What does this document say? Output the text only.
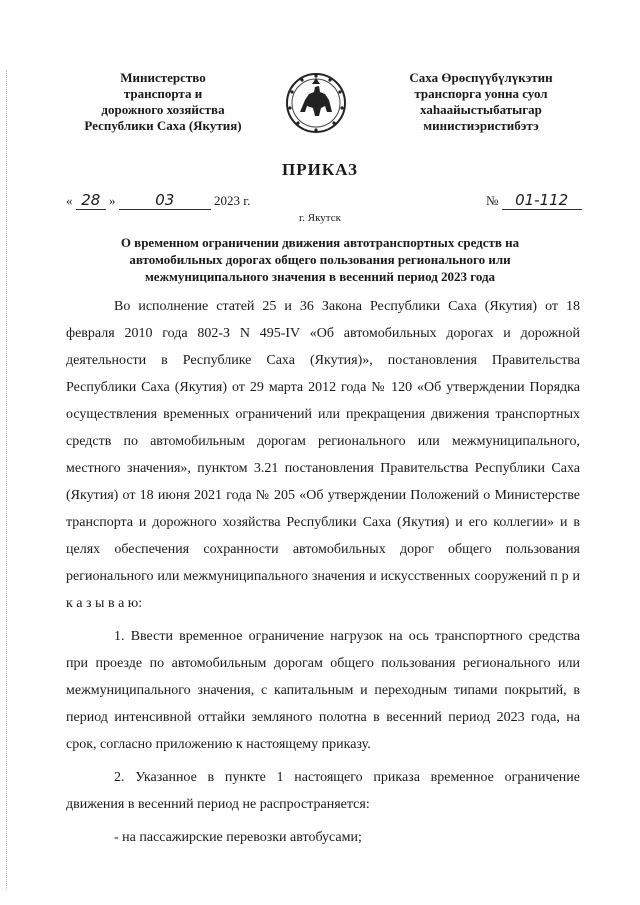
Министерство
транспорта и
дорожного хозяйства
Республики Саха (Якутия)
Саха Өрөспүүбүлүкэтин
транспорга уонна суол
хаһаайыстыбатыгар
министиэристибэтэ
ПРИКАЗ
« 28 »	03	2023 г.	№ 01-112
г. Якутск
О временном ограничении движения автотранспортных средств на автомобильных дорогах общего пользования регионального или межмуниципального значения в весенний период 2023 года

Во исполнение статей 25 и 36 Закона Республики Саха (Якутия) от 18 февраля 2010 года 802-З N 495-IV «Об автомобильных дорогах и дорожной деятельности в Республике Саха (Якутия)», постановления Правительства Республики Саха (Якутия) от 29 марта 2012 года № 120 «Об утверждении Порядка осуществления временных ограничений или прекращения движения транспортных средств по автомобильным дорогам регионального или межмуниципального, местного значения», пунктом 3.21 постановления Правительства Республики Саха (Якутия) от 18 июня 2021 года № 205 «Об утверждении Положений о Министерстве транспорта и дорожного хозяйства Республики Саха (Якутия) и его коллегии» и в целях обеспечения сохранности автомобильных дорог общего пользования регионального или межмуниципального значения и искусственных сооружений п р и к а з ы в а ю:

1. Ввести временное ограничение нагрузок на ось транспортного средства при проезде по автомобильным дорогам общего пользования регионального или межмуниципального значения, с капитальным и переходным типами покрытий, в период интенсивной оттайки земляного полотна в весенний период 2023 года, на срок, согласно приложению к настоящему приказу.

2. Указанное в пункте 1 настоящего приказа временное ограничение движения в весенний период не распространяется:

- на пассажирские перевозки автобусами;
